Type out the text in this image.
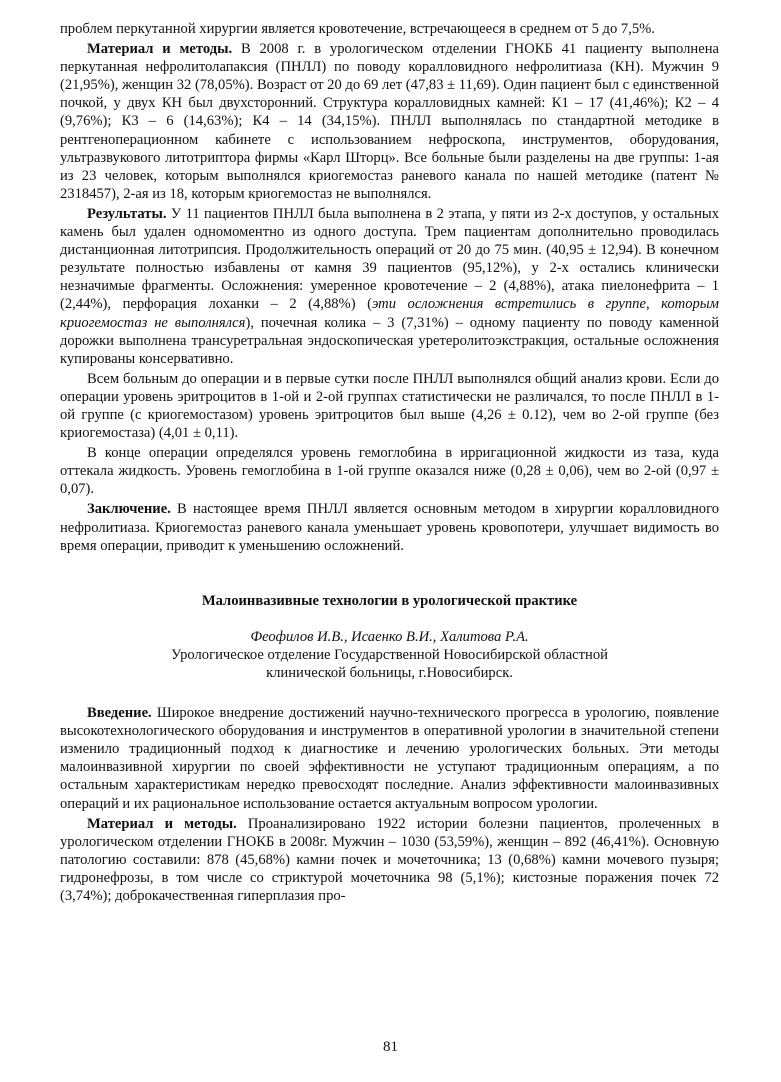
проблем перкутанной хирургии является кровотечение, встречающееся в среднем от 5 до 7,5%.

Материал и методы. В 2008 г. в урологическом отделении ГНОКБ 41 пациенту выполнена перкутанная нефролитолапаксия (ПНЛЛ) по поводу коралловидного нефролитиаза (КН). Мужчин 9 (21,95%), женщин 32 (78,05%). Возраст от 20 до 69 лет (47,83 ± 11,69). Один пациент был с единственной почкой, у двух КН был двухсторонний. Структура коралловидных камней: К1 – 17 (41,46%); К2 – 4 (9,76%); К3 – 6 (14,63%); К4 – 14 (34,15%). ПНЛЛ выполнялась по стандартной методике в рентгеноперационном кабинете с использованием нефроскопа, инструментов, оборудования, ультразвукового литотриптора фирмы «Карл Шторц». Все больные были разделены на две группы: 1-ая из 23 человек, которым выполнялся криогемостаз раневого канала по нашей методике (патент № 2318457), 2-ая из 18, которым криогемостаз не выполнялся.

Результаты. У 11 пациентов ПНЛЛ была выполнена в 2 этапа, у пяти из 2-х доступов, у остальных камень был удален одномоментно из одного доступа. Трем пациентам дополнительно проводилась дистанционная литотрипсия. Продолжительность операций от 20 до 75 мин. (40,95 ± 12,94). В конечном результате полностью избавлены от камня 39 пациентов (95,12%), у 2-х остались клинически незначимые фрагменты. Осложнения: умеренное кровотечение – 2 (4,88%), атака пиелонефрита – 1 (2,44%), перфорация лоханки – 2 (4,88%) (эти осложнения встретились в группе, которым криогемостаз не выполнялся), почечная колика – 3 (7,31%) – одному пациенту по поводу каменной дорожки выполнена трансуретральная эндоскопическая уретеролитоэкстракция, остальные осложнения купированы консервативно.

Всем больным до операции и в первые сутки после ПНЛЛ выполнялся общий анализ крови. Если до операции уровень эритроцитов в 1-ой и 2-ой группах статистически не различался, то после ПНЛЛ в 1-ой группе (с криогемостазом) уровень эритроцитов был выше (4,26 ± 0.12), чем во 2-ой группе (без криогемостаза) (4,01 ± 0,11).

В конце операции определялся уровень гемоглобина в ирригационной жидкости из таза, куда оттекала жидкость. Уровень гемоглобина в 1-ой группе оказался ниже (0,28 ± 0,06), чем во 2-ой (0,97 ± 0,07).

Заключение. В настоящее время ПНЛЛ является основным методом в хирургии коралловидного нефролитиаза. Криогемостаз раневого канала уменьшает уровень кровопотери, улучшает видимость во время операции, приводит к уменьшению осложнений.

Малоинвазивные технологии в урологической практике

Феофилов И.В., Исаенко В.И., Халитова Р.А.

Урологическое отделение Государственной Новосибирской областной

клинической больницы, г.Новосибирск.

Введение. Широкое внедрение достижений научно-технического прогресса в урологию, появление высокотехнологического оборудования и инструментов в оперативной урологии в значительной степени изменило традиционный подход к диагностике и лечению урологических больных. Эти методы малоинвазивной хирургии по своей эффективности не уступают традиционным операциям, а по остальным характеристикам нередко превосходят последние. Анализ эффективности малоинвазивных операций и их рациональное использование остается актуальным вопросом урологии.

Материал и методы. Проанализировано 1922 истории болезни пациентов, пролеченных в урологическом отделении ГНОКБ в 2008г. Мужчин – 1030 (53,59%), женщин – 892 (46,41%). Основную патологию составили: 878 (45,68%) камни почек и мочеточника; 13 (0,68%) камни мочевого пузыря; гидронефрозы, в том числе со стриктурой мочеточника 98 (5,1%); кистозные поражения почек 72 (3,74%); доброкачественная гиперплазия про-

81
